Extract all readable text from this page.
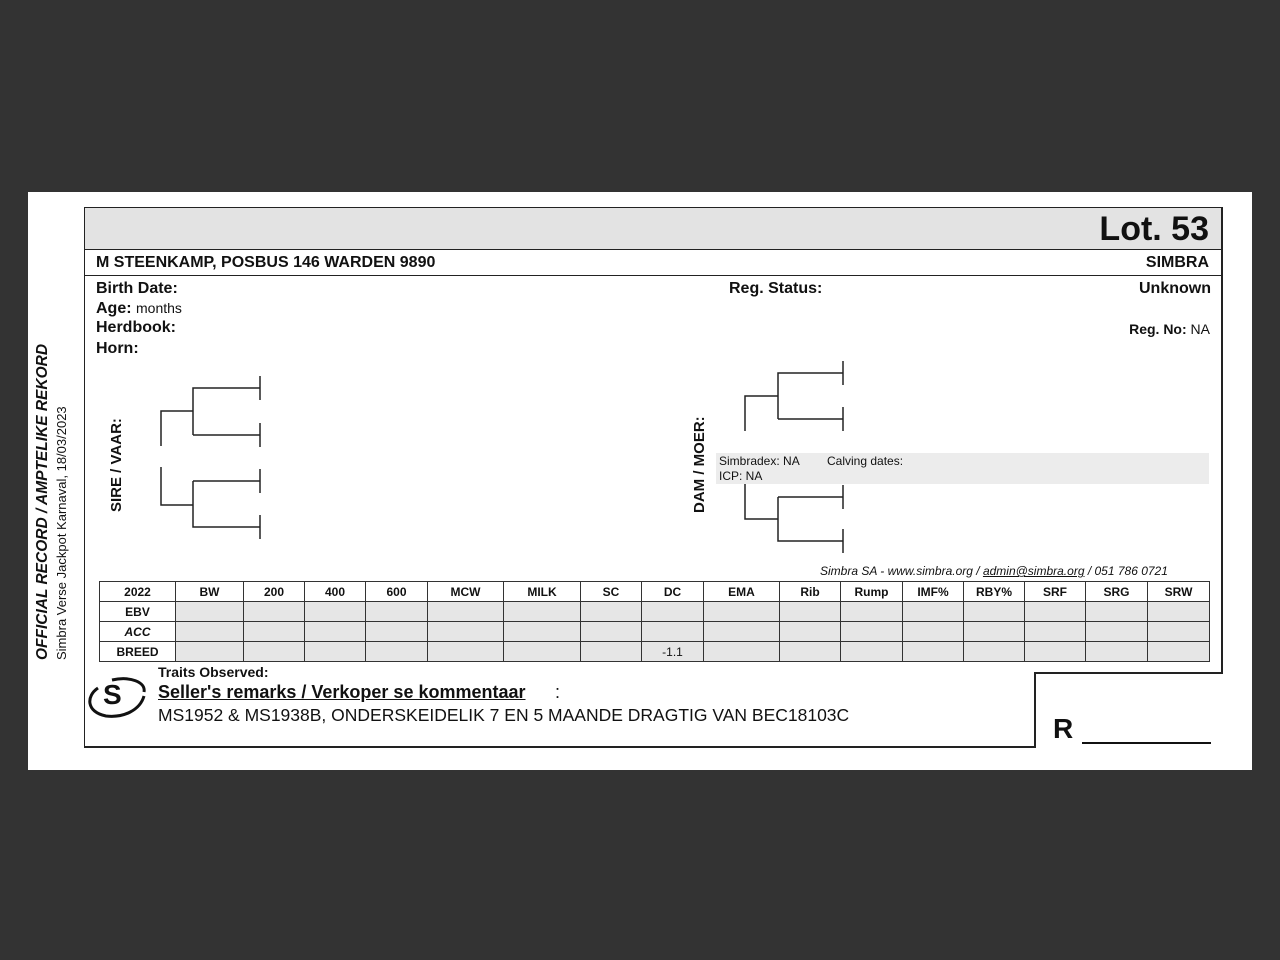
OFFICIAL RECORD / AMPTELIKE REKORD Simbra Verse Jackpot Karnaval, 18/03/2023
Lot. 53
M STEENKAMP, POSBUS 146 WARDEN 9890	SIMBRA
Birth Date:
Age: months
Herdbook:
Horn:
Reg. Status:	Unknown
Reg. No: NA
SIRE / VAAR:	DAM / MOER: Simbradex: NA Calving dates:
ICP: NA
Simbra SA - www.simbra.org / admin@simbra.org / 051 786 0721
2022	BW	200	400	600	MCW	MILK	SC	DC	EMA	Rib	Rump	IMF%	RBY%	SRF	SRG	SRW
EBV																
ACC																
BREED								-1.1								
S
Traits Observed:
Seller's remarks / Verkoper se kommentaar :
MS1952 & MS1938B, ONDERSKEIDELIK 7 EN 5 MAANDE DRAGTIG VAN BEC18103C	R
